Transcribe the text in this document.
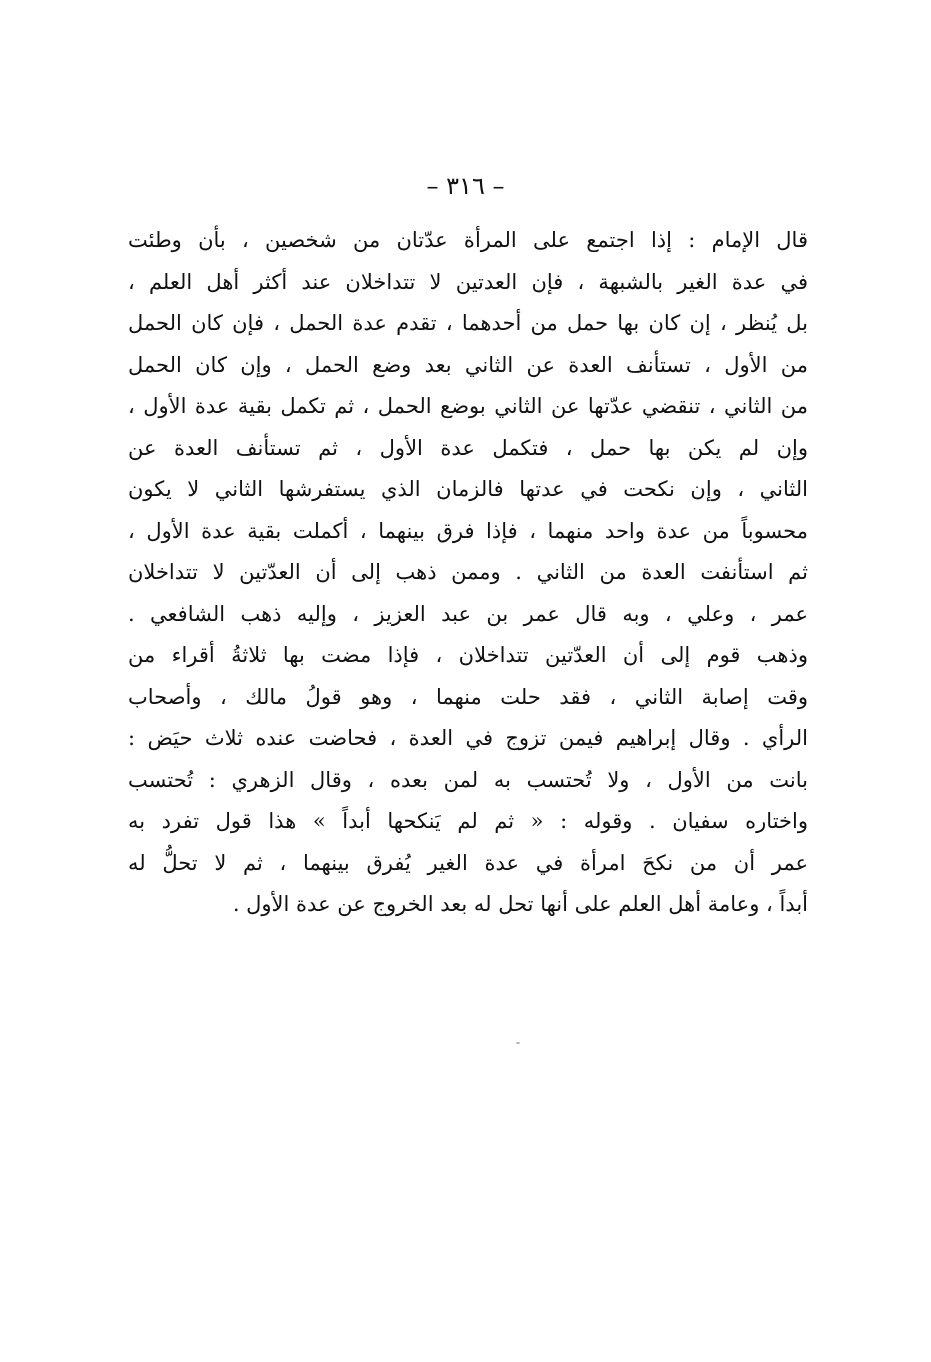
– ٣١٦ –
قال الإمام : إذا اجتمع على المرأة عدّتان من شخصين ، بأن وطئت
في عدة الغير بالشبهة ، فإن العدتين لا تتداخلان عند أكثر أهل العلم ،
بل يُنظر ، إن كان بها حمل من أحدهما ، تقدم عدة الحمل ، فإن كان الحمل
من الأول ، تستأنف العدة عن الثاني بعد وضع الحمل ، وإن كان الحمل
من الثاني ، تنقضي عدّتها عن الثاني بوضع الحمل ، ثم تكمل بقية عدة الأول ،
وإن لم يكن بها حمل ، فتكمل عدة الأول ، ثم تستأنف العدة عن
الثاني ، وإن نكحت في عدتها فالزمان الذي يستفرشها الثاني لا يكون
محسوباً من عدة واحد منهما ، فإذا فرق بينهما ، أكملت بقية عدة الأول ،
ثم استأنفت العدة من الثاني . وممن ذهب إلى أن العدّتين لا تتداخلان
عمر ، وعلي ، وبه قال عمر بن عبد العزيز ، وإليه ذهب الشافعي .
وذهب قوم إلى أن العدّتين تتداخلان ، فإذا مضت بها ثلاثةُ أقراء من
وقت إصابة الثاني ، فقد حلت منهما ، وهو قولُ مالك ، وأصحاب
الرأي . وقال إبراهيم فيمن تزوج في العدة ، فحاضت عنده ثلاث حيَض :
بانت من الأول ، ولا تُحتسب به لمن بعده ، وقال الزهري : تُحتسب
واختاره سفيان . وقوله : « ثم لم يَنكحها أبداً » هذا قول تفرد به
عمر أن من نكحَ امرأة في عدة الغير يُفرق بينهما ، ثم لا تحلُّ له
أبداً ، وعامة أهل العلم على أنها تحل له بعد الخروج عن عدة الأول .
